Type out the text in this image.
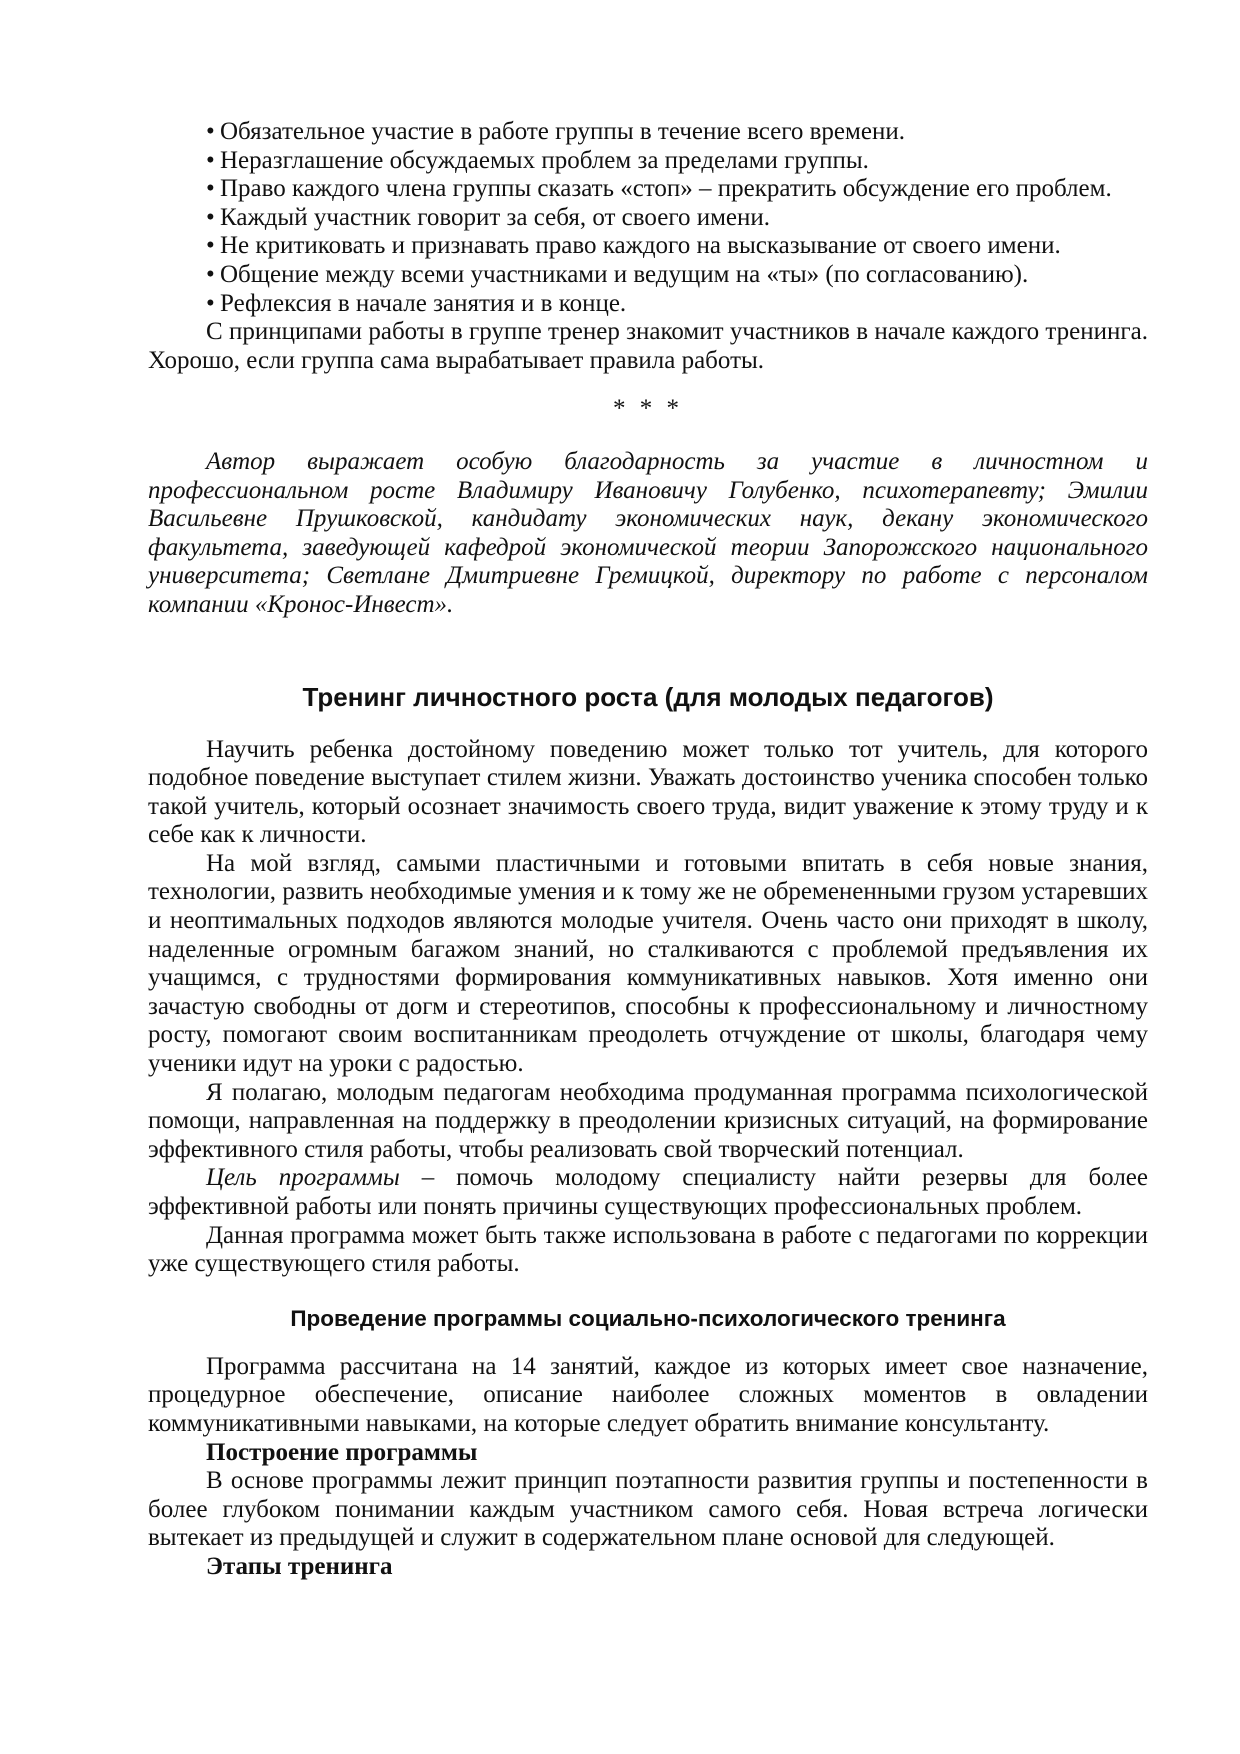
• Обязательное участие в работе группы в течение всего времени.
• Неразглашение обсуждаемых проблем за пределами группы.
• Право каждого члена группы сказать «стоп» – прекратить обсуждение его проблем.
• Каждый участник говорит за себя, от своего имени.
• Не критиковать и признавать право каждого на высказывание от своего имени.
• Общение между всеми участниками и ведущим на «ты» (по согласованию).
• Рефлексия в начале занятия и в конце.

С принципами работы в группе тренер знакомит участников в начале каждого тренинга. Хорошо, если группа сама вырабатывает правила работы.

* * *

Автор выражает особую благодарность за участие в личностном и профессиональном росте Владимиру Ивановичу Голубенко, психотерапевту; Эмилии Васильевне Прушковской, кандидату экономических наук, декану экономического факультета, заведующей кафедрой экономической теории Запорожского национального университета; Светлане Дмитриевне Гремицкой, директору по работе с персоналом компании «Кронос-Инвест».

Тренинг личностного роста (для молодых педагогов)

Научить ребенка достойному поведению может только тот учитель, для которого подобное поведение выступает стилем жизни. Уважать достоинство ученика способен только такой учитель, который осознает значимость своего труда, видит уважение к этому труду и к себе как к личности.

На мой взгляд, самыми пластичными и готовыми впитать в себя новые знания, технологии, развить необходимые умения и к тому же не обремененными грузом устаревших и неоптимальных подходов являются молодые учителя. Очень часто они приходят в школу, наделенные огромным багажом знаний, но сталкиваются с проблемой предъявления их учащимся, с трудностями формирования коммуникативных навыков. Хотя именно они зачастую свободны от догм и стереотипов, способны к профессиональному и личностному росту, помогают своим воспитанникам преодолеть отчуждение от школы, благодаря чему ученики идут на уроки с радостью.

Я полагаю, молодым педагогам необходима продуманная программа психологической помощи, направленная на поддержку в преодолении кризисных ситуаций, на формирование эффективного стиля работы, чтобы реализовать свой творческий потенциал.

Цель программы – помочь молодому специалисту найти резервы для более эффективной работы или понять причины существующих профессиональных проблем.

Данная программа может быть также использована в работе с педагогами по коррекции уже существующего стиля работы.

Проведение программы социально-психологического тренинга

Программа рассчитана на 14 занятий, каждое из которых имеет свое назначение, процедурное обеспечение, описание наиболее сложных моментов в овладении коммуникативными навыками, на которые следует обратить внимание консультанту.

Построение программы

В основе программы лежит принцип поэтапности развития группы и постепенности в более глубоком понимании каждым участником самого себя. Новая встреча логически вытекает из предыдущей и служит в содержательном плане основой для следующей.

Этапы тренинга
